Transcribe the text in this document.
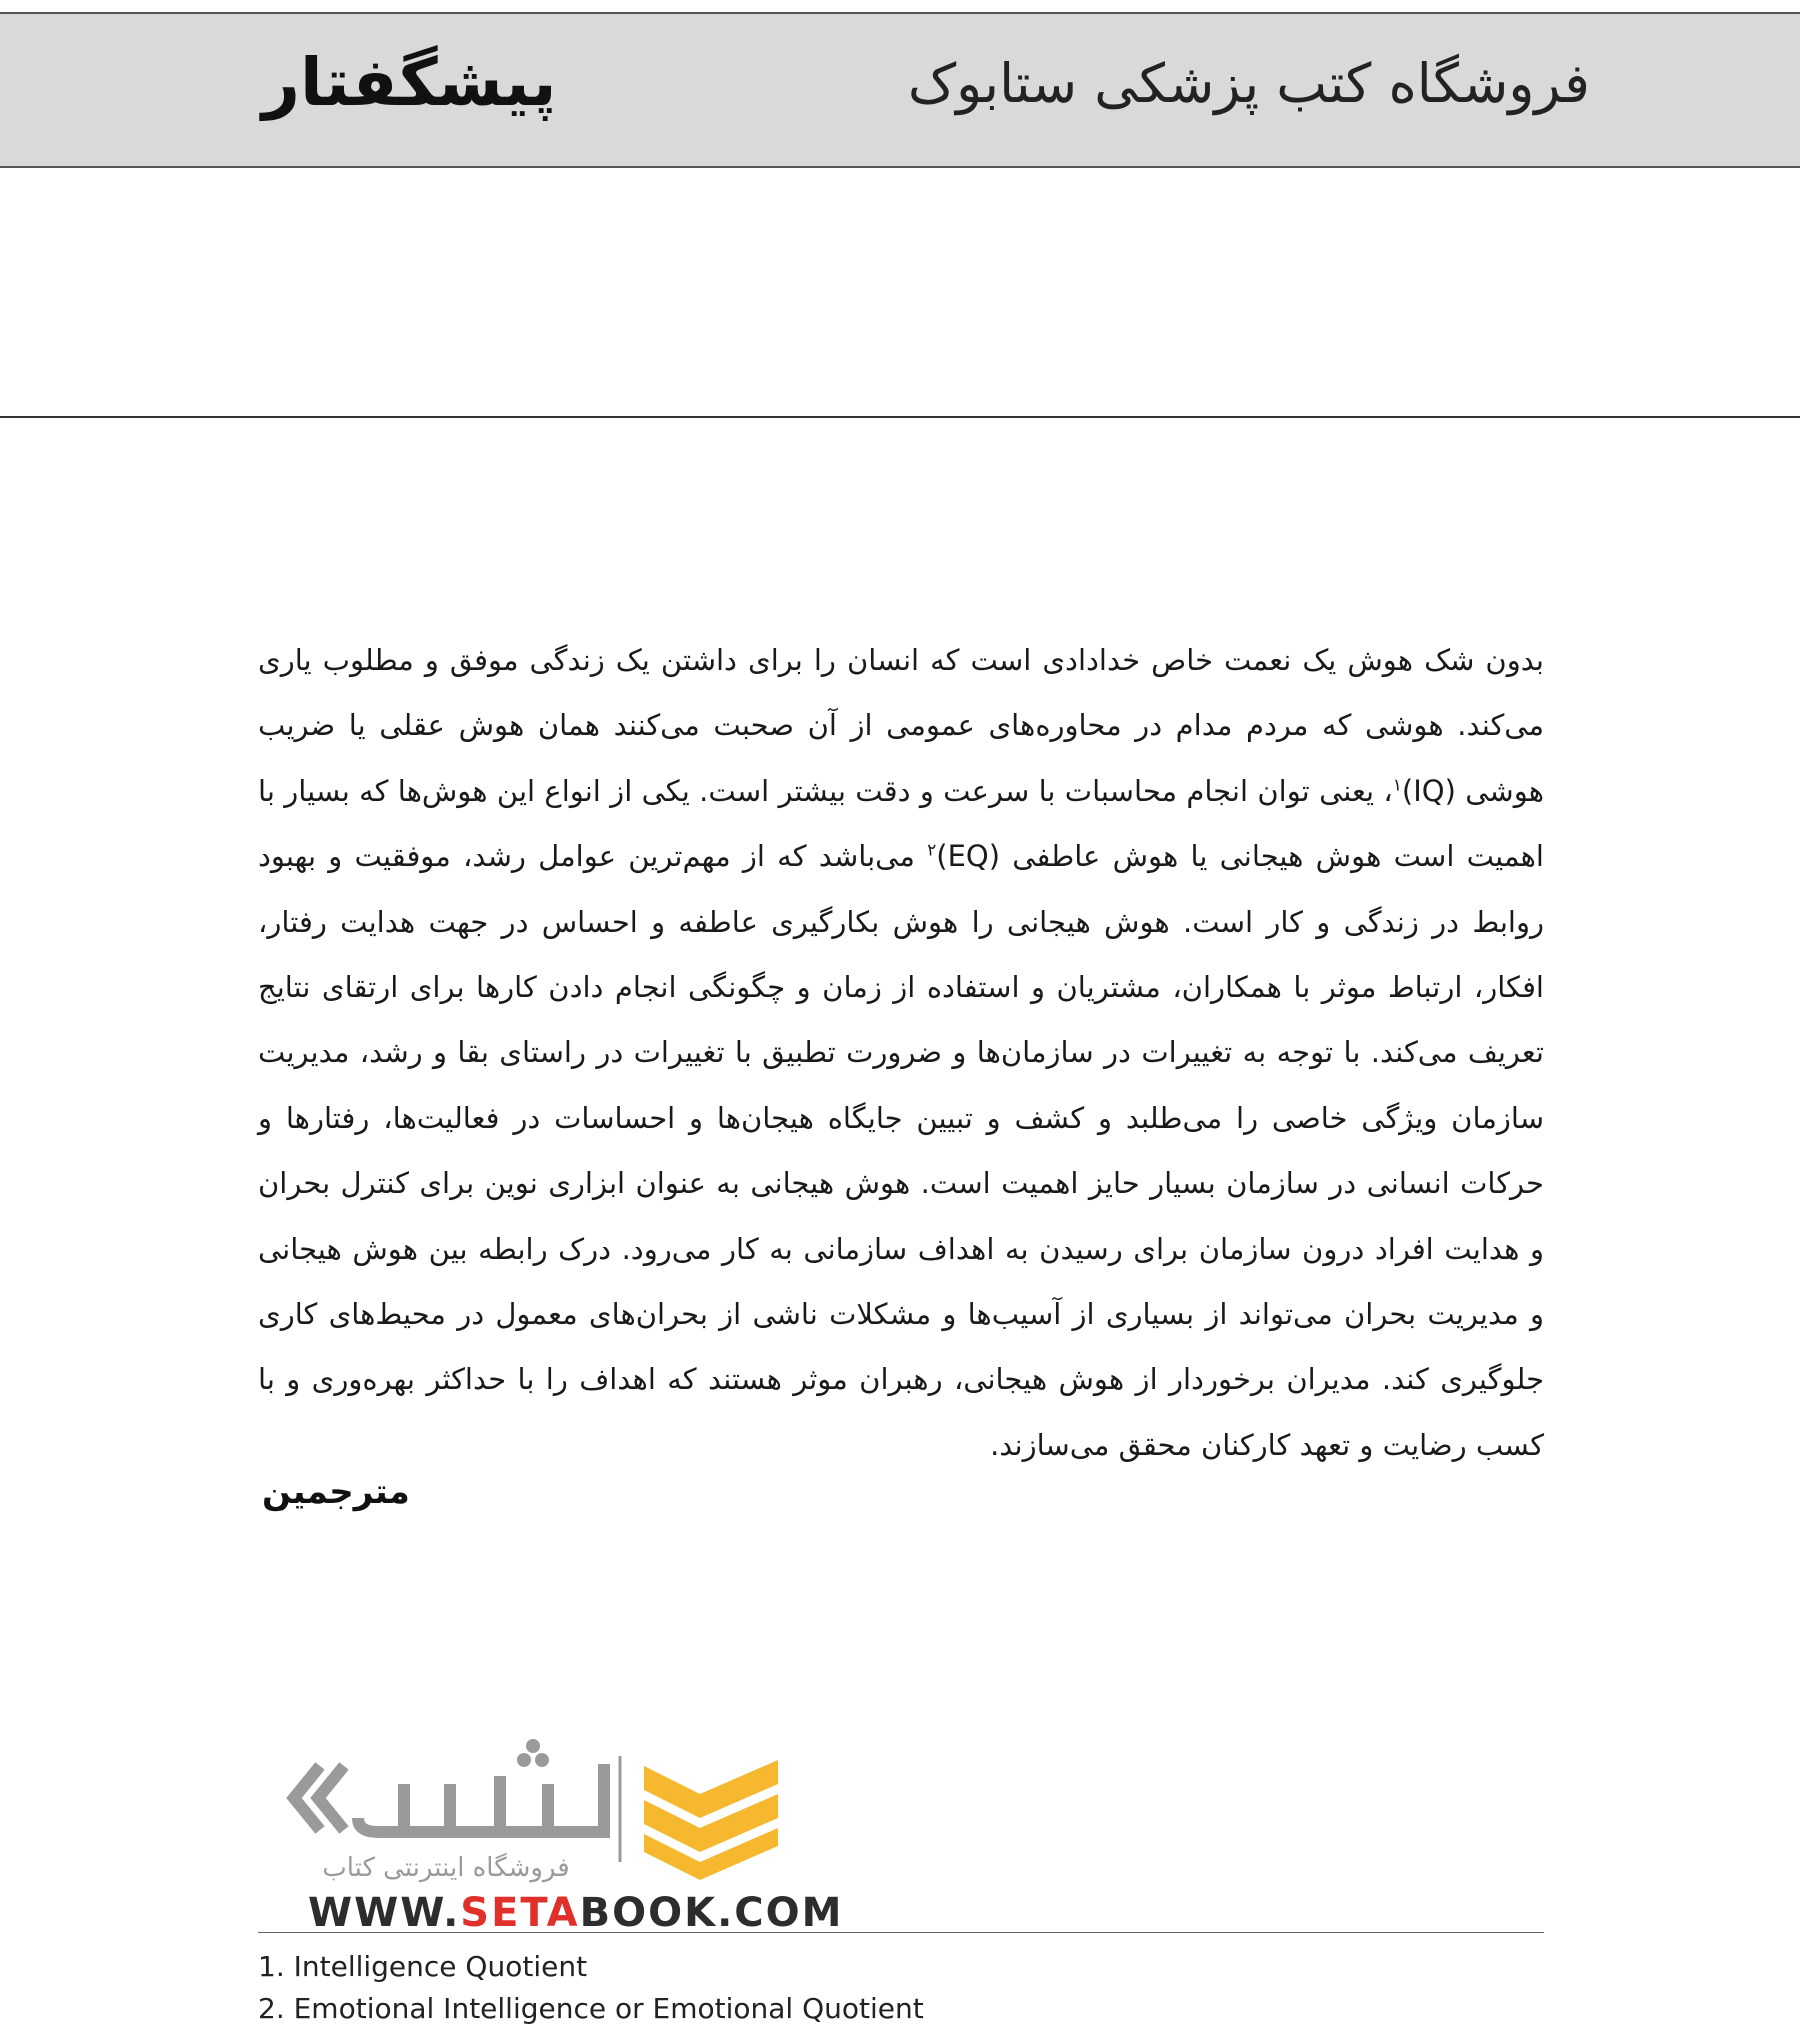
فروشگاه کتب پزشکی ستابوک
پیشگفتار
بدون شک هوش یک نعمت خاص خدادادی است که انسان را برای داشتن یک زندگی موفق و مطلوب یاری می‌کند. هوشی که مردم مدام در محاوره‌های عمومی از آن صحبت می‌کنند همان هوش عقلی یا ضریب هوشی (IQ)$^۱$، یعنی توان انجام محاسبات با سرعت و دقت بیشتر است. یکی از انواع این هوش‌ها که بسیار با اهمیت است هوش هیجانی یا هوش عاطفی (EQ)$^۲$ می‌باشد که از مهم‌ترین عوامل رشد، موفقیت و بهبود روابط در زندگی و کار است. هوش هیجانی را هوش بکارگیری عاطفه و احساس در جهت هدایت رفتار، افکار، ارتباط موثر با همکاران، مشتریان و استفاده از زمان و چگونگی انجام دادن کارها برای ارتقای نتایج تعریف می‌کند. با توجه به تغییرات در سازمان‌ها و ضرورت تطبیق با تغییرات در راستای بقا و رشد، مدیریت سازمان ویژگی خاصی را می‌طلبد و کشف و تبیین جایگاه هیجان‌ها و احساسات در فعالیت‌ها، رفتارها و حرکات انسانی در سازمان بسیار حایز اهمیت است. هوش هیجانی به عنوان ابزاری نوین برای کنترل بحران و هدایت افراد درون سازمان برای رسیدن به اهداف سازمانی به کار می‌رود. درک رابطه بین هوش هیجانی و مدیریت بحران می‌تواند از بسیاری از آسیب‌ها و مشکلات ناشی از بحران‌های معمول در محیط‌های کاری جلوگیری کند. مدیران برخوردار از هوش هیجانی، رهبران موثر هستند که اهداف را با حداکثر بهره‌وری و با کسب رضایت و تعهد کارکنان محقق می‌سازند.
مترجمین
فروشگاه اینترنتی کتاب
WWW.SETABOOK.COM
1. Intelligence Quotient
2. Emotional Intelligence or Emotional Quotient
